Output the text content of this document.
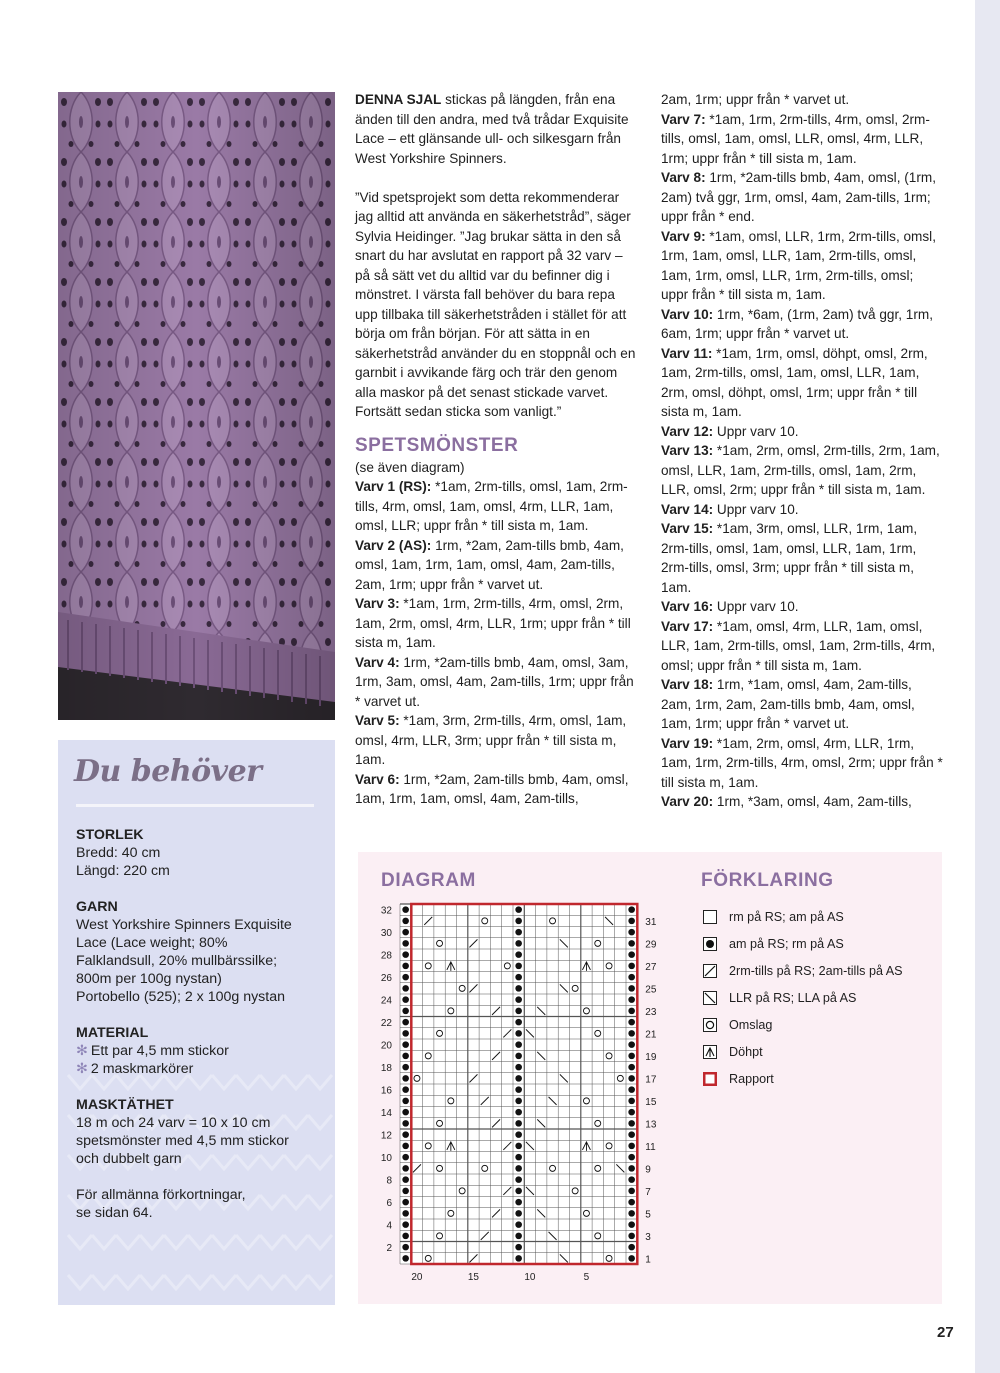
Du behöver
STORLEK
Bredd: 40 cm
Längd: 220 cm
GARN
West Yorkshire Spinners Exquisite
Lace (Lace weight; 80%
Falklandsull, 20% mullbärssilke;
800m per 100g nystan)
Portobello (525); 2 x 100g nystan
MATERIAL
✻ Ett par 4,5 mm stickor
✻ 2 maskmarkörer
MASKTÄTHET
18 m och 24 varv = 10 x 10 cm
spetsmönster med 4,5 mm stickor
och dubbelt garn
För allmänna förkortningar,
se sidan 64.

DENNA SJAL stickas på längden, från ena änden till den andra, med två trådar Exquisite Lace – ett glänsande ull- och silkesgarn från West Yorkshire Spinners.

”Vid spetsprojekt som detta rekommenderar jag alltid att använda en säkerhetstråd”, säger Sylvia Heidinger. ”Jag brukar sätta in den så snart du har avslutat en rapport på 32 varv – på så sätt vet du alltid var du befinner dig i mönstret. I värsta fall behöver du bara repa upp tillbaka till säkerhetstråden i stället för att börja om från början. För att sätta in en säkerhetstråd använder du en stoppnål och en garnbit i avvikande färg och trär den genom alla maskor på det senast stickade varvet. Fortsätt sedan sticka som vanligt.”

SPETSMÖNSTER

(se även diagram)

Varv 1 (RS): *1am, 2rm-tills, omsl, 1am, 2rm-tills, 4rm, omsl, 1am, omsl, 4rm, LLR, 1am, omsl, LLR; uppr från * till sista m, 1am.

Varv 2 (AS): 1rm, *2am, 2am-tills bmb, 4am, omsl, 1am, 1rm, 1am, omsl, 4am, 2am-tills, 2am, 1rm; uppr från * varvet ut.

Varv 3: *1am, 1rm, 2rm-tills, 4rm, omsl, 2rm, 1am, 2rm, omsl, 4rm, LLR, 1rm; uppr från * till sista m, 1am.

Varv 4: 1rm, *2am-tills bmb, 4am, omsl, 3am, 1rm, 3am, omsl, 4am, 2am-tills, 1rm; uppr från * varvet ut.

Varv 5: *1am, 3rm, 2rm-tills, 4rm, omsl, 1am, omsl, 4rm, LLR, 3rm; uppr från * till sista m, 1am.

Varv 6: 1rm, *2am, 2am-tills bmb, 4am, omsl, 1am, 1rm, 1am, omsl, 4am, 2am-tills,

2am, 1rm; uppr från * varvet ut.

Varv 7: *1am, 1rm, 2rm-tills, 4rm, omsl, 2rm-tills, omsl, 1am, omsl, LLR, omsl, 4rm, LLR, 1rm; uppr från * till sista m, 1am.

Varv 8: 1rm, *2am-tills bmb, 4am, omsl, (1rm, 2am) två ggr, 1rm, omsl, 4am, 2am-tills, 1rm; uppr från * end.

Varv 9: *1am, omsl, LLR, 1rm, 2rm-tills, omsl, 1rm, 1am, omsl, LLR, 1am, 2rm-tills, omsl, 1am, 1rm, omsl, LLR, 1rm, 2rm-tills, omsl; uppr från * till sista m, 1am.

Varv 10: 1rm, *6am, (1rm, 2am) två ggr, 1rm, 6am, 1rm; uppr från * varvet ut.

Varv 11: *1am, 1rm, omsl, döhpt, omsl, 2rm, 1am, 2rm-tills, omsl, 1am, omsl, LLR, 1am, 2rm, omsl, döhpt, omsl, 1rm; uppr från * till sista m, 1am.

Varv 12: Uppr varv 10.

Varv 13: *1am, 2rm, omsl, 2rm-tills, 2rm, 1am, omsl, LLR, 1am, 2rm-tills, omsl, 1am, 2rm, LLR, omsl, 2rm; uppr från * till sista m, 1am.

Varv 14: Uppr varv 10.

Varv 15: *1am, 3rm, omsl, LLR, 1rm, 1am, 2rm-tills, omsl, 1am, omsl, LLR, 1am, 1rm, 2rm-tills, omsl, 3rm; uppr från * till sista m, 1am.

Varv 16: Uppr varv 10.

Varv 17: *1am, omsl, 4rm, LLR, 1am, omsl, LLR, 1am, 2rm-tills, omsl, 1am, 2rm-tills, 4rm, omsl; uppr från * till sista m, 1am.

Varv 18: 1rm, *1am, omsl, 4am, 2am-tills, 2am, 1rm, 2am, 2am-tills bmb, 4am, omsl, 1am, 1rm; uppr från * varvet ut.

Varv 19: *1am, 2rm, omsl, 4rm, LLR, 1rm, 1am, 1rm, 2rm-tills, 4rm, omsl, 2rm; uppr från * till sista m, 1am.

Varv 20: 1rm, *3am, omsl, 4am, 2am-tills,

DIAGRAM	FÖRKLARING
32
30
28
26
24
22
20
18
16
14
12
10
8
6
4
2
31
29
27
25
23
21
19
17
15
13
11
9
7
5
3
1
20	15	10	5
rm på RS; am på AS
am på RS; rm på AS
2rm-tills på RS; 2am-tills på AS
LLR på RS; LLA på AS
Omslag
Döhpt
Rapport
27
